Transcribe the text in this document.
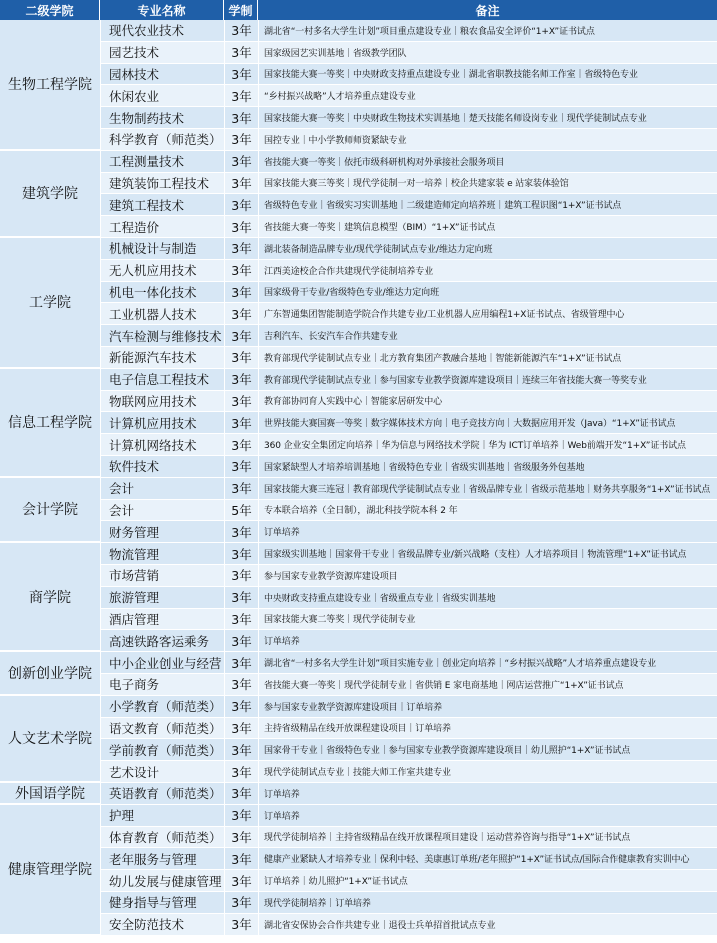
二级学院	专业名称	学制	备注
生物工程学院
现代农业技术	3年	湖北省“一村多名大学生计划”项目重点建设专业｜粮农食品安全评价“1+X”证书试点
园艺技术	3年	国家级园艺实训基地｜省级教学团队
园林技术	3年	国家技能大赛一等奖｜中央财政支持重点建设专业｜湖北省职教技能名师工作室｜省级特色专业
休闲农业	3年	“乡村振兴战略”人才培养重点建设专业
生物制药技术	3年	国家技能大赛一等奖｜中央财政生物技术实训基地｜楚天技能名师设岗专业｜现代学徒制试点专业
科学教育（师范类） 3年	国控专业｜中小学教师师资紧缺专业
建筑学院
工程测量技术	3年	省技能大赛一等奖｜依托市级科研机构对外承接社会服务项目
建筑装饰工程技术	3年	国家技能大赛三等奖｜现代学徒制一对一培养｜校企共建家装 e 站家装体验馆
建筑工程技术	3年	省级特色专业｜省级实习实训基地｜二级建造师定向培养班｜建筑工程识图“1+X”证书试点
工程造价	3年	省技能大赛一等奖｜建筑信息模型（BIM）“1+X”证书试点
工学院
机械设计与制造	3年	湖北装备制造品牌专业/现代学徒制试点专业/维达力定向班
无人机应用技术	3年	江西美途校企合作共建现代学徒制培养专业
机电一体化技术	3年	国家级骨干专业/省级特色专业/维达力定向班
工业机器人技术	3年	广东智通集团智能制造学院合作共建专业/工业机器人应用编程1+X证书试点、省级管理中心
汽车检测与维修技术 3年	吉利汽车、长安汽车合作共建专业
新能源汽车技术	3年	教育部现代学徒制试点专业｜北方教育集团产教融合基地｜智能新能源汽车“1+X”证书试点
信息工程学院
电子信息工程技术	3年	教育部现代学徒制试点专业｜参与国家专业教学资源库建设项目｜连续三年省技能大赛一等奖专业
物联网应用技术	3年	教育部协同育人实践中心｜智能家居研发中心
计算机应用技术	3年	世界技能大赛国赛一等奖｜数字媒体技术方向｜电子竞技方向｜大数据应用开发（Java）“1+X”证书试点
计算机网络技术	3年	360 企业安全集团定向培养｜华为信息与网络技术学院｜华为 ICT订单培养｜Web前端开发“1+X”证书试点
软件技术	3年	国家紧缺型人才培养培训基地｜省级特色专业｜省级实训基地｜省级服务外包基地
会计学院
会计	3年	国家技能大赛三连冠｜教育部现代学徒制试点专业｜省级品牌专业｜省级示范基地｜财务共享服务“1+X”证书试点
会计	5年	专本联合培养（全日制），湖北科技学院本科 2 年
财务管理	3年	订单培养
商学院
物流管理	3年	国家级实训基地｜国家骨干专业｜省级品牌专业/新兴战略（支柱）人才培养项目｜物流管理“1+X”证书试点
市场营销	3年	参与国家专业教学资源库建设项目
旅游管理	3年	中央财政支持重点建设专业｜省级重点专业｜省级实训基地
酒店管理	3年	国家技能大赛二等奖｜现代学徒制专业
高速铁路客运乘务	3年	订单培养
创新创业学院
中小企业创业与经营 3年	湖北省“一村多名大学生计划”项目实施专业｜创业定向培养｜“乡村振兴战略”人才培养重点建设专业
电子商务	3年	省技能大赛一等奖｜现代学徒制专业｜省供销 E 家电商基地｜网店运营推广“1+X”证书试点
人文艺术学院
小学教育（师范类） 3年	参与国家专业教学资源库建设项目｜订单培养
语文教育（师范类） 3年	主持省级精品在线开放课程建设项目｜订单培养
学前教育（师范类） 3年	国家骨干专业｜省级特色专业｜参与国家专业教学资源库建设项目｜幼儿照护“1+X”证书试点
艺术设计	3年	现代学徒制试点专业｜技能大师工作室共建专业
外国语学院	英语教育（师范类） 3年	订单培养
健康管理学院
护理	3年	订单培养
体育教育（师范类） 3年	现代学徒制培养｜主持省级精品在线开放课程项目建设｜运动营养咨询与指导“1+X”证书试点
老年服务与管理	3年	健康产业紧缺人才培养专业｜保利中轻、美康惠订单班/老年照护“1+X”证书试点/国际合作健康教育实训中心
幼儿发展与健康管理 3年	订单培养｜幼儿照护“1+X”证书试点
健身指导与管理	3年	现代学徒制培养｜订单培养
安全防范技术	3年	湖北省安保协会合作共建专业｜退役士兵单招首批试点专业
